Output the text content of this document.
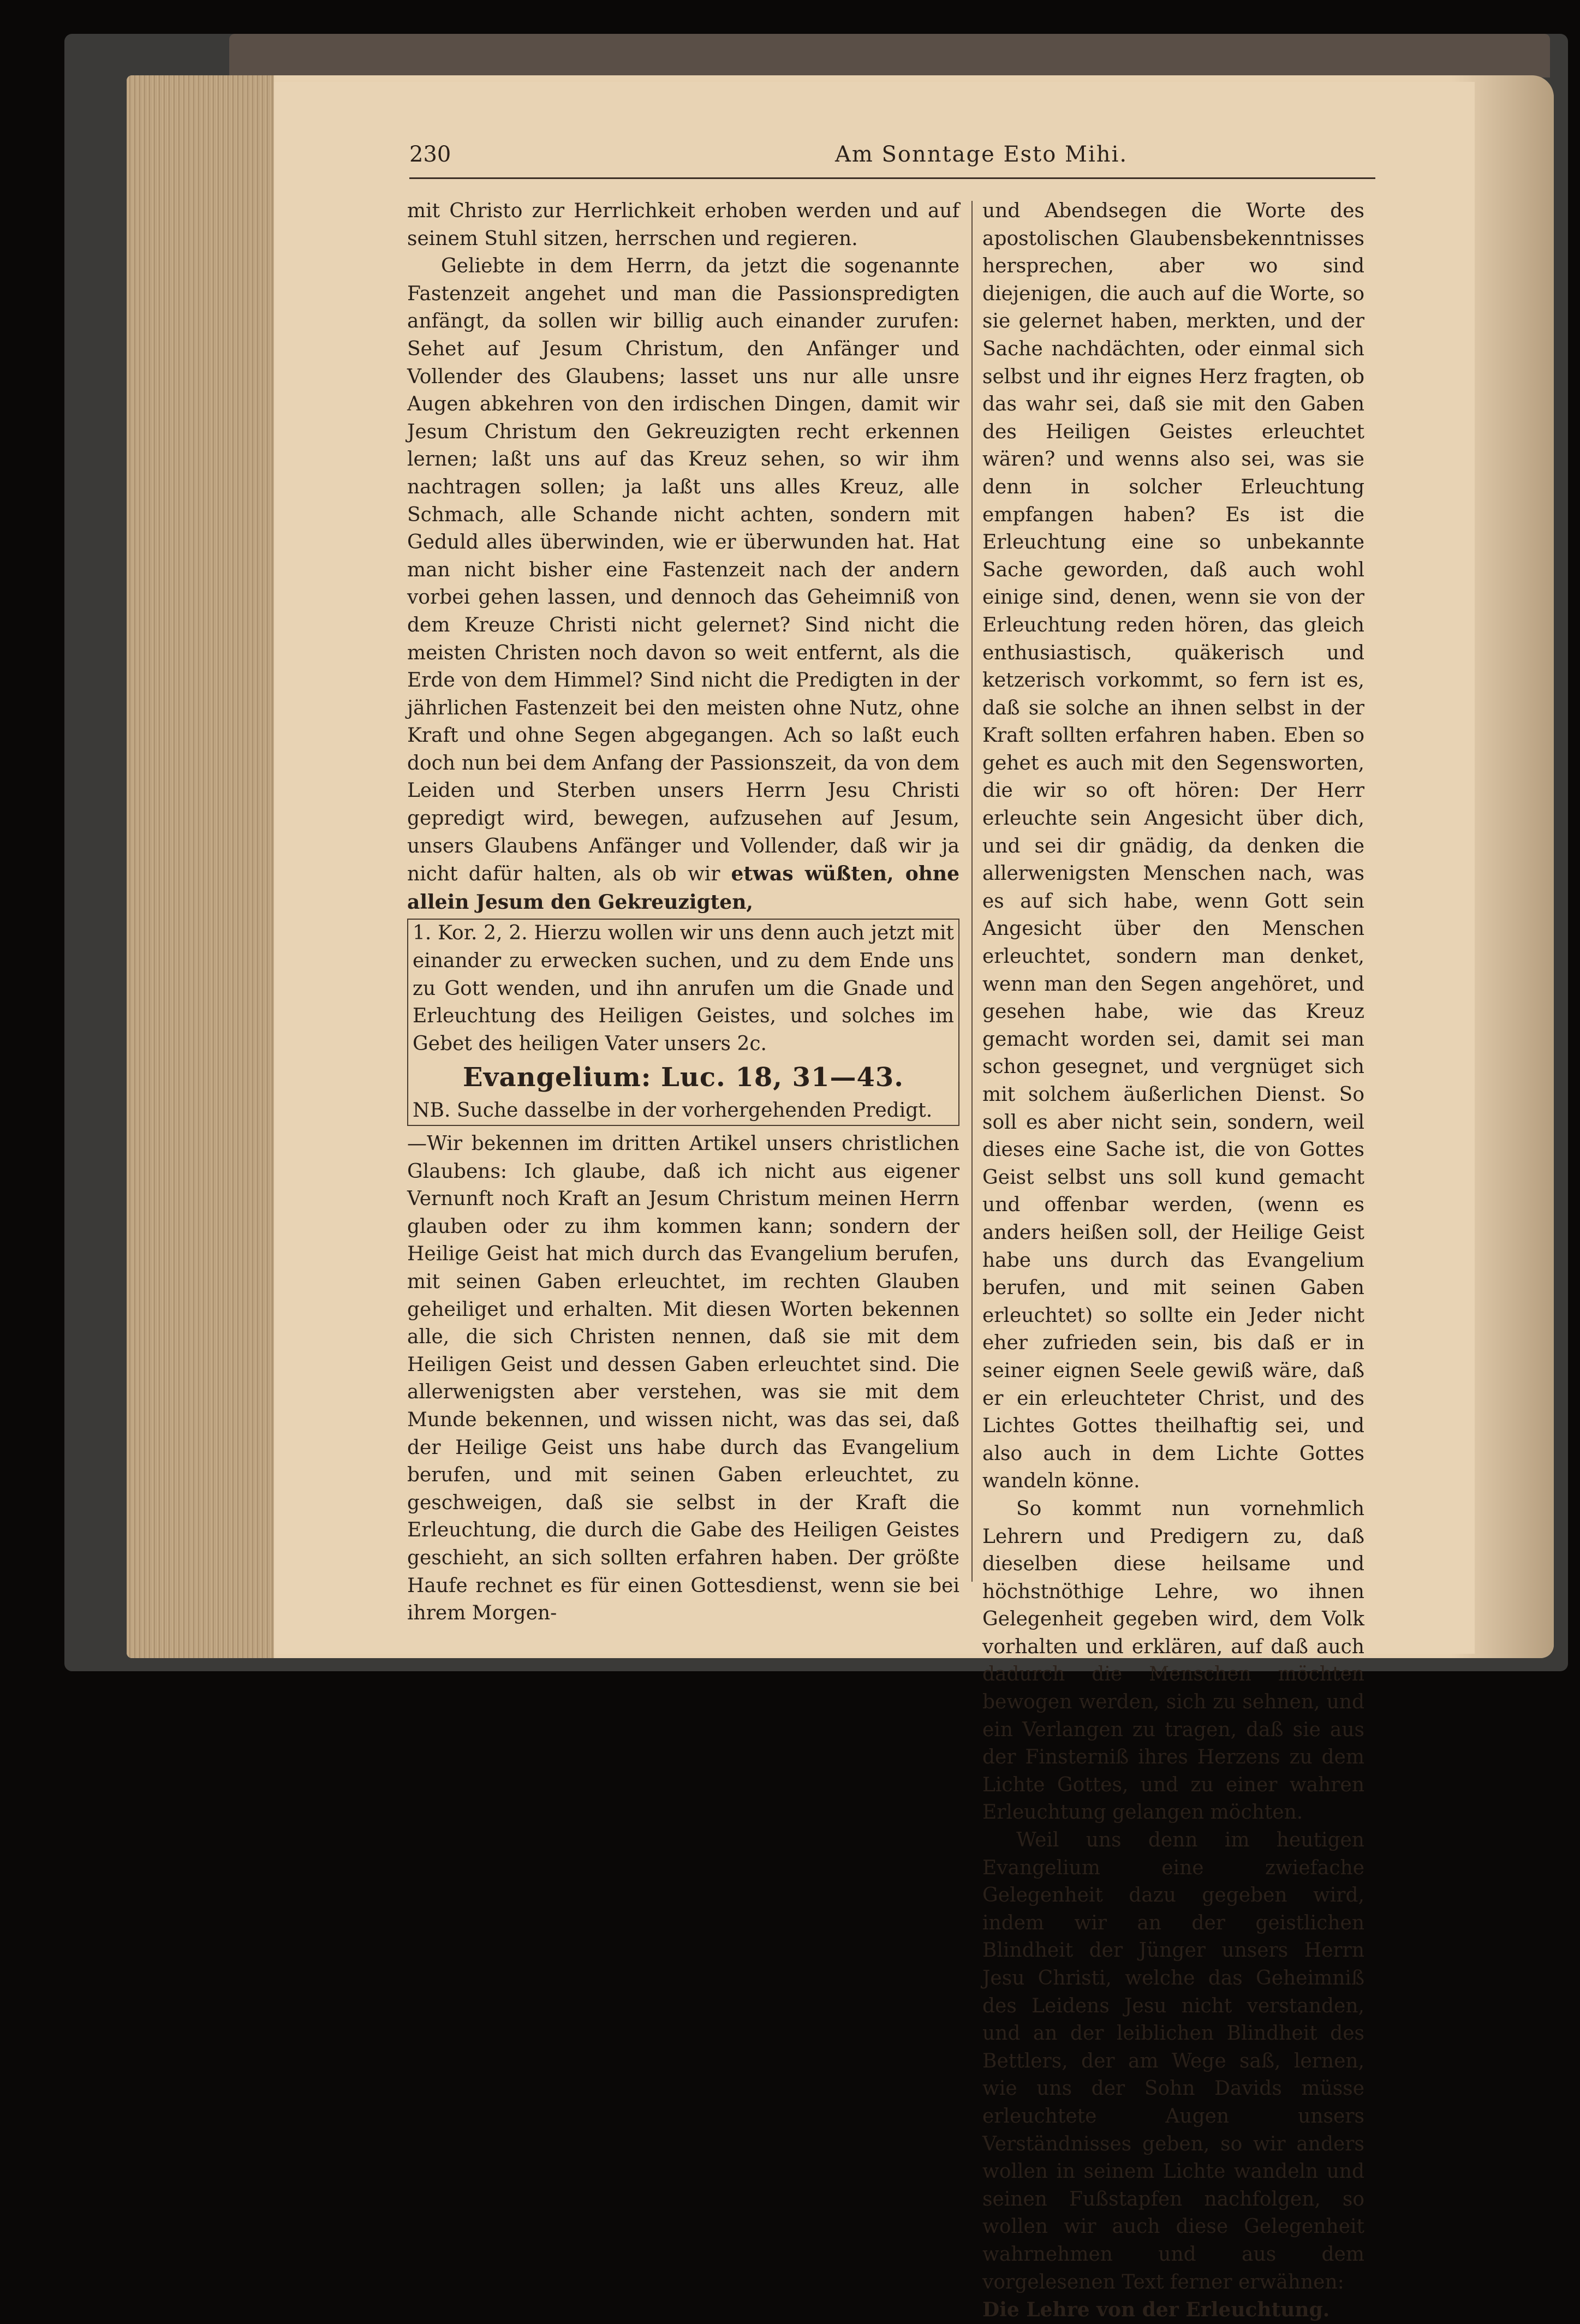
230	Am Sonntage Esto Mihi.

mit Christo zur Herrlichkeit erhoben werden und auf seinem Stuhl sitzen, herrschen und regieren.

Geliebte in dem Herrn, da jetzt die sogenannte Fastenzeit angehet und man die Passionspredigten anfängt, da sollen wir billig auch einander zurufen: Sehet auf Jesum Christum, den Anfänger und Vollender des Glaubens; lasset uns nur alle unsre Augen abkehren von den irdischen Dingen, damit wir Jesum Christum den Gekreuzigten recht erkennen lernen; laßt uns auf das Kreuz sehen, so wir ihm nachtragen sollen; ja laßt uns alles Kreuz, alle Schmach, alle Schande nicht achten, sondern mit Geduld alles überwinden, wie er überwunden hat. Hat man nicht bisher eine Fastenzeit nach der andern vorbei gehen lassen, und dennoch das Geheimniß von dem Kreuze Christi nicht gelernet? Sind nicht die meisten Christen noch davon so weit entfernt, als die Erde von dem Himmel? Sind nicht die Predigten in der jährlichen Fastenzeit bei den meisten ohne Nutz, ohne Kraft und ohne Segen abgegangen. Ach so laßt euch doch nun bei dem Anfang der Passionszeit, da von dem Leiden und Sterben unsers Herrn Jesu Christi gepredigt wird, bewegen, aufzusehen auf Jesum, unsers Glaubens Anfänger und Vollender, daß wir ja nicht dafür halten, als ob wir etwas wüßten, ohne allein Jesum den Gekreuzigten,

1. Kor. 2, 2. Hierzu wollen wir uns denn auch jetzt mit einander zu erwecken suchen, und zu dem Ende uns zu Gott wenden, und ihn anrufen um die Gnade und Erleuchtung des Heiligen Geistes, und solches im Gebet des heiligen Vater unsers 2c.

Evangelium: Luc. 18, 31—43.

NB. Suche dasselbe in der vorhergehenden Predigt.

—Wir bekennen im dritten Artikel unsers christlichen Glaubens: Ich glaube, daß ich nicht aus eigener Vernunft noch Kraft an Jesum Christum meinen Herrn glauben oder zu ihm kommen kann; sondern der Heilige Geist hat mich durch das Evangelium berufen, mit seinen Gaben erleuchtet, im rechten Glauben geheiliget und erhalten. Mit diesen Worten bekennen alle, die sich Christen nennen, daß sie mit dem Heiligen Geist und dessen Gaben erleuchtet sind. Die allerwenigsten aber verstehen, was sie mit dem Munde bekennen, und wissen nicht, was das sei, daß der Heilige Geist uns habe durch das Evangelium berufen, und mit seinen Gaben erleuchtet, zu geschweigen, daß sie selbst in der Kraft die Erleuchtung, die durch die Gabe des Heiligen Geistes geschieht, an sich sollten erfahren haben. Der größte Haufe rechnet es für einen Gottesdienst, wenn sie bei ihrem Morgen-

und Abendsegen die Worte des apostolischen Glaubensbekenntnisses hersprechen, aber wo sind diejenigen, die auch auf die Worte, so sie gelernet haben, merkten, und der Sache nachdächten, oder einmal sich selbst und ihr eignes Herz fragten, ob das wahr sei, daß sie mit den Gaben des Heiligen Geistes erleuchtet wären? und wenns also sei, was sie denn in solcher Erleuchtung empfangen haben? Es ist die Erleuchtung eine so unbekannte Sache geworden, daß auch wohl einige sind, denen, wenn sie von der Erleuchtung reden hören, das gleich enthusiastisch, quäkerisch und ketzerisch vorkommt, so fern ist es, daß sie solche an ihnen selbst in der Kraft sollten erfahren haben. Eben so gehet es auch mit den Segensworten, die wir so oft hören: Der Herr erleuchte sein Angesicht über dich, und sei dir gnädig, da denken die allerwenigsten Menschen nach, was es auf sich habe, wenn Gott sein Angesicht über den Menschen erleuchtet, sondern man denket, wenn man den Segen angehöret, und gesehen habe, wie das Kreuz gemacht worden sei, damit sei man schon gesegnet, und vergnüget sich mit solchem äußerlichen Dienst. So soll es aber nicht sein, sondern, weil dieses eine Sache ist, die von Gottes Geist selbst uns soll kund gemacht und offenbar werden, (wenn es anders heißen soll, der Heilige Geist habe uns durch das Evangelium berufen, und mit seinen Gaben erleuchtet) so sollte ein Jeder nicht eher zufrieden sein, bis daß er in seiner eignen Seele gewiß wäre, daß er ein erleuchteter Christ, und des Lichtes Gottes theilhaftig sei, und also auch in dem Lichte Gottes wandeln könne.

So kommt nun vornehmlich Lehrern und Predigern zu, daß dieselben diese heilsame und höchstnöthige Lehre, wo ihnen Gelegenheit gegeben wird, dem Volk vorhalten und erklären, auf daß auch dadurch die Menschen möchten bewogen werden, sich zu sehnen, und ein Verlangen zu tragen, daß sie aus der Finsterniß ihres Herzens zu dem Lichte Gottes, und zu einer wahren Erleuchtung gelangen möchten.

Weil uns denn im heutigen Evangelium eine zwiefache Gelegenheit dazu gegeben wird, indem wir an der geistlichen Blindheit der Jünger unsers Herrn Jesu Christi, welche das Geheimniß des Leidens Jesu nicht verstanden, und an der leiblichen Blindheit des Bettlers, der am Wege saß, lernen, wie uns der Sohn Davids müsse erleuchtete Augen unsers Verständnisses geben, so wir anders wollen in seinem Lichte wandeln und seinen Fußstapfen nachfolgen, so wollen wir auch diese Gelegenheit wahrnehmen und aus dem vorgelesenen Text ferner erwähnen:

Die Lehre von der Erleuchtung.
